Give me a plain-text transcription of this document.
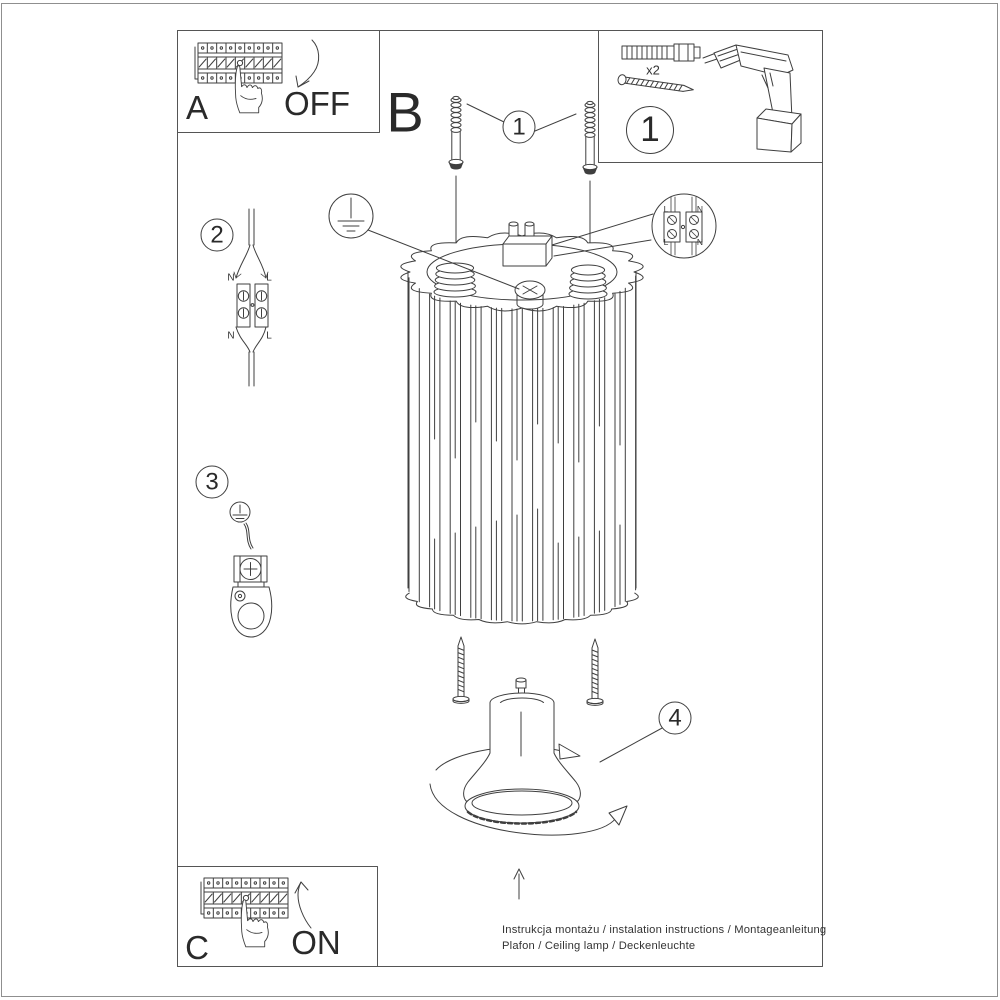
A OFF B
C ON
x2
1
1
2
3
4
N	L
N	L
L	N
L	N
Instrukcja montażu / instalation instructions / Montageanleitung
Plafon / Ceiling lamp / Deckenleuchte
